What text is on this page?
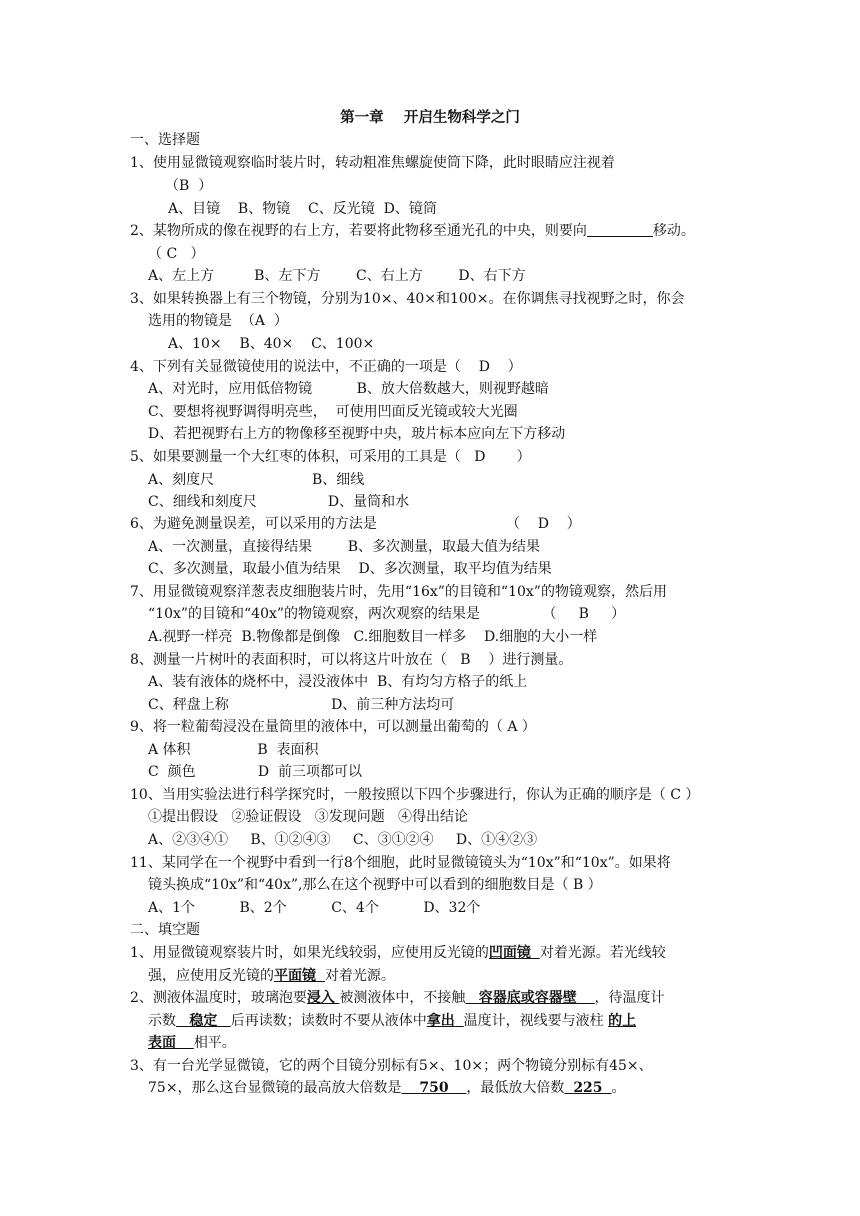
第一章    开启生物科学之门
一、选择题
1、使用显微镜观察临时装片时，转动粗准焦螺旋使筒下降，此时眼睛应注视着
（B  ）
A、目镜    B、物镜    C、反光镜  D、镜筒
2、某物所成的像在视野的右上方，若要将此物移至通光孔的中央，则要向	移动。
（ C   ）
A、左上方         B、左下方        C、右上方        D、右下方
3、如果转换器上有三个物镜，分别为10×、40×和100×。在你调焦寻找视野之时，你会
选用的物镜是  （A  ）
A、10×    B、40×    C、100×
4、下列有关显微镜使用的说法中，不正确的一项是（    D    ）
A、对光时，应用低倍物镜          B、放大倍数越大，则视野越暗
C、要想将视野调得明亮些，  可使用凹面反光镜或较大光圈
D、若把视野右上方的物像移至视野中央，玻片标本应向左下方移动
5、如果要测量一个大红枣的体积，可采用的工具是（   D       ）
A、刻度尺                      B、细线
C、细线和刻度尺                D、量筒和水
6、为避免测量误差，可以采用的方法是                             （    D    ）
A、一次测量，直接得结果        B、多次测量，取最大值为结果
C、多次测量，取最小值为结果    D、多次测量，取平均值为结果
7、用显微镜观察洋葱表皮细胞装片时，先用“16x”的目镜和“10x”的物镜观察，然后用
“10x”的目镜和“40x”的物镜观察，两次观察的结果是              （     B     ）
A.视野一样亮  B.物像都是倒像   C.细胞数目一样多    D.细胞的大小一样
8、测量一片树叶的表面积时，可以将这片叶放在（   B    ）进行测量。
A、装有液体的烧杯中，浸没液体中  B、有均匀方格子的纸上
C、秤盘上称                       D、前三种方法均可
9、将一粒葡萄浸没在量筒里的液体中，可以测量出葡萄的（ A ）
A 体积               B  表面积
C  颜色              D  前三项都可以
10、当用实验法进行科学探究时，一般按照以下四个步骤进行，你认为正确的顺序是（ C ）
①提出假设   ②验证假设   ③发现问题   ④得出结论
A、②③④①     B、①②④③     C、③①②④     D、①④②③
11、某同学在一个视野中看到一行8个细胞，此时显微镜镜头为“10x”和“10x”。如果将
镜头换成“10x”和“40x”,那么在这个视野中可以看到的细胞数目是（ B ）
A、1个          B、2个          C、4个          D、32个
二、填空题
1、用显微镜观察装片时，如果光线较弱，应使用反光镜的凹面镜 对着光源。若光线较
强，应使用反光镜的平面镜 对着光源。
2、测液体温度时，玻璃泡要浸入 被测液体中，不接触 容器底或容器壁 ，待温度计
示数 稳定 后再读数；读数时不要从液体中拿出 温度计，视线要与液柱 的上
表面 相平。
3、有一台光学显微镜，它的两个目镜分别标有5×、10×；两个物镜分别标有45×、
75×，那么这台显微镜的最高放大倍数是 750 ，最低放大倍数 225 。
